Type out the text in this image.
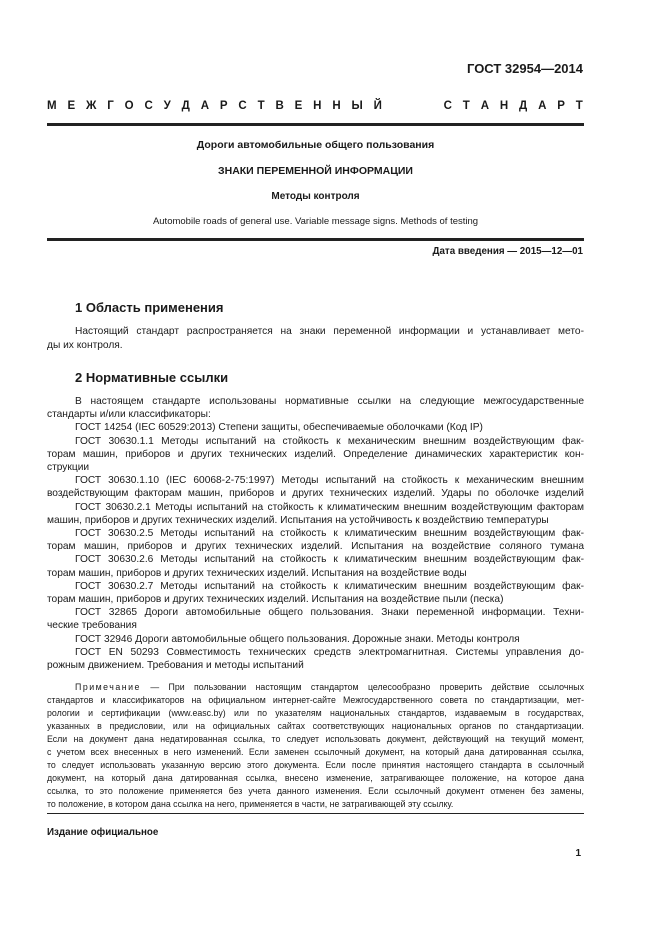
ГОСТ 32954—2014
М Е Ж Г О С У Д А Р С Т В Е Н Н Ы Й	С Т А Н Д А Р Т
Дороги автомобильные общего пользования
ЗНАКИ ПЕРЕМЕННОЙ ИНФОРМАЦИИ
Методы контроля
Automobile roads of general use. Variable message signs. Methods of testing
Дата введения — 2015—12—01
1 Область применения
Настоящий стандарт распространяется на знаки переменной информации и устанавливает мето-
ды их контроля.
2 Нормативные ссылки
В настоящем стандарте использованы нормативные ссылки на следующие межгосударственные
стандарты и/или классификаторы:
ГОСТ 14254 (IEC 60529:2013) Степени защиты, обеспечиваемые оболочками (Код IP)
ГОСТ 30630.1.1 Методы испытаний на стойкость к механическим внешним воздействующим фак-
торам машин, приборов и других технических изделий. Определение динамических характеристик кон-
струкции
ГОСТ 30630.1.10 (IEC 60068-2-75:1997) Методы испытаний на стойкость к механическим внешним
воздействующим факторам машин, приборов и других технических изделий. Удары по оболочке изделий
ГОСТ 30630.2.1 Методы испытаний на стойкость к климатическим внешним воздействующим факторам
машин, приборов и других технических изделий. Испытания на устойчивость к воздействию температуры
ГОСТ 30630.2.5 Методы испытаний на стойкость к климатическим внешним воздействующим фак-
торам машин, приборов и других технических изделий. Испытания на воздействие соляного тумана
ГОСТ 30630.2.6 Методы испытаний на стойкость к климатическим внешним воздействующим фак-
торам машин, приборов и других технических изделий. Испытания на воздействие воды
ГОСТ 30630.2.7 Методы испытаний на стойкость к климатическим внешним воздействующим фак-
торам машин, приборов и других технических изделий. Испытания на воздействие пыли (песка)
ГОСТ 32865 Дороги автомобильные общего пользования. Знаки переменной информации. Техни-
ческие требования
ГОСТ 32946 Дороги автомобильные общего пользования. Дорожные знаки. Методы контроля
ГОСТ EN 50293 Совместимость технических средств электромагнитная. Системы управления до-
рожным движением. Требования и методы испытаний
Примечание — При пользовании настоящим стандартом целесообразно проверить действие ссылочных
стандартов и классификаторов на официальном интернет-сайте Межгосударственного совета по стандартизации, мет-
рологии и сертификации (www.easc.by) или по указателям национальных стандартов, издаваемым в государствах,
указанных в предисловии, или на официальных сайтах соответствующих национальных органов по стандартизации.
Если на документ дана недатированная ссылка, то следует использовать документ, действующий на текущий момент,
с учетом всех внесенных в него изменений. Если заменен ссылочный документ, на который дана датированная ссылка,
то следует использовать указанную версию этого документа. Если после принятия настоящего стандарта в ссылочный
документ, на который дана датированная ссылка, внесено изменение, затрагивающее положение, на которое дана
ссылка, то это положение применяется без учета данного изменения. Если ссылочный документ отменен без замены,
то положение, в котором дана ссылка на него, применяется в части, не затрагивающей эту ссылку.
Издание официальное
1
